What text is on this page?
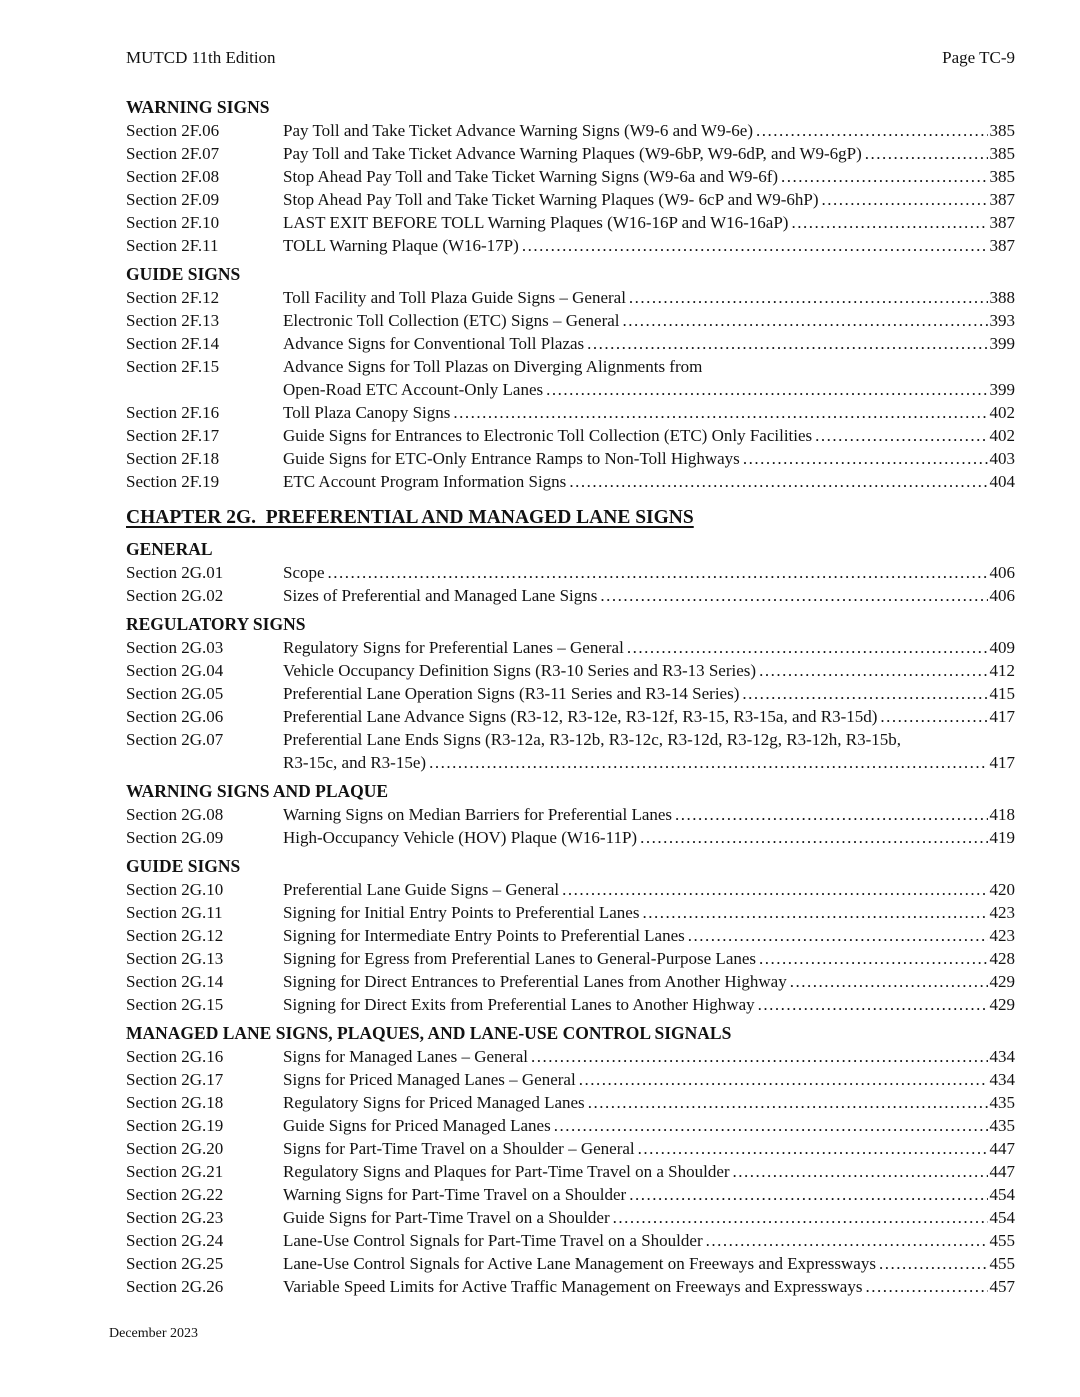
MUTCD 11th Edition	Page TC-9
WARNING SIGNS
Section 2F.06	Pay Toll and Take Ticket Advance Warning Signs (W9-6 and W9-6e) .....	385
Section 2F.07	Pay Toll and Take Ticket Advance Warning Plaques (W9-6bP, W9-6dP, and W9-6gP) .....	385
Section 2F.08	Stop Ahead Pay Toll and Take Ticket Warning Signs (W9-6a and W9-6f) .....	385
Section 2F.09	Stop Ahead Pay Toll and Take Ticket Warning Plaques (W9- 6cP and W9-6hP) .....	387
Section 2F.10	LAST EXIT BEFORE TOLL Warning Plaques (W16-16P and W16-16aP) .....	387
Section 2F.11	TOLL Warning Plaque (W16-17P) .....	387
GUIDE SIGNS
Section 2F.12	Toll Facility and Toll Plaza Guide Signs – General .....	388
Section 2F.13	Electronic Toll Collection (ETC) Signs – General .....	393
Section 2F.14	Advance Signs for Conventional Toll Plazas .....	399
Section 2F.15	Advance Signs for Toll Plazas on Diverging Alignments from
Open-Road ETC Account-Only Lanes .....	399
Section 2F.16	Toll Plaza Canopy Signs .....	402
Section 2F.17	Guide Signs for Entrances to Electronic Toll Collection (ETC) Only Facilities .....	402
Section 2F.18	Guide Signs for ETC-Only Entrance Ramps to Non-Toll Highways .....	403
Section 2F.19	ETC Account Program Information Signs .....	404
CHAPTER 2G.  PREFERENTIAL AND MANAGED LANE SIGNS
GENERAL
Section 2G.01	Scope .....	406
Section 2G.02	Sizes of Preferential and Managed Lane Signs .....	406
REGULATORY SIGNS
Section 2G.03	Regulatory Signs for Preferential Lanes – General .....	409
Section 2G.04	Vehicle Occupancy Definition Signs (R3-10 Series and R3-13 Series) .....	412
Section 2G.05	Preferential Lane Operation Signs (R3-11 Series and R3-14 Series) .....	415
Section 2G.06	Preferential Lane Advance Signs (R3-12, R3-12e, R3-12f, R3-15, R3-15a, and R3-15d) .....	417
Section 2G.07	Preferential Lane Ends Signs (R3-12a, R3-12b, R3-12c, R3-12d, R3-12g, R3-12h, R3-15b,
R3-15c, and R3-15e) .....	417
WARNING SIGNS AND PLAQUE
Section 2G.08	Warning Signs on Median Barriers for Preferential Lanes .....	418
Section 2G.09	High-Occupancy Vehicle (HOV) Plaque (W16-11P) .....	419
GUIDE SIGNS
Section 2G.10	Preferential Lane Guide Signs – General .....	420
Section 2G.11	Signing for Initial Entry Points to Preferential Lanes .....	423
Section 2G.12	Signing for Intermediate Entry Points to Preferential Lanes .....	423
Section 2G.13	Signing for Egress from Preferential Lanes to General-Purpose Lanes .....	428
Section 2G.14	Signing for Direct Entrances to Preferential Lanes from Another Highway .....	429
Section 2G.15	Signing for Direct Exits from Preferential Lanes to Another Highway .....	429
MANAGED LANE SIGNS, PLAQUES, AND LANE-USE CONTROL SIGNALS
Section 2G.16	Signs for Managed Lanes – General .....	434
Section 2G.17	Signs for Priced Managed Lanes – General .....	434
Section 2G.18	Regulatory Signs for Priced Managed Lanes .....	435
Section 2G.19	Guide Signs for Priced Managed Lanes .....	435
Section 2G.20	Signs for Part-Time Travel on a Shoulder – General .....	447
Section 2G.21	Regulatory Signs and Plaques for Part-Time Travel on a Shoulder .....	447
Section 2G.22	Warning Signs for Part-Time Travel on a Shoulder .....	454
Section 2G.23	Guide Signs for Part-Time Travel on a Shoulder .....	454
Section 2G.24	Lane-Use Control Signals for Part-Time Travel on a Shoulder .....	455
Section 2G.25	Lane-Use Control Signals for Active Lane Management on Freeways and Expressways .....	455
Section 2G.26	Variable Speed Limits for Active Traffic Management on Freeways and Expressways .....	457
December 2023
